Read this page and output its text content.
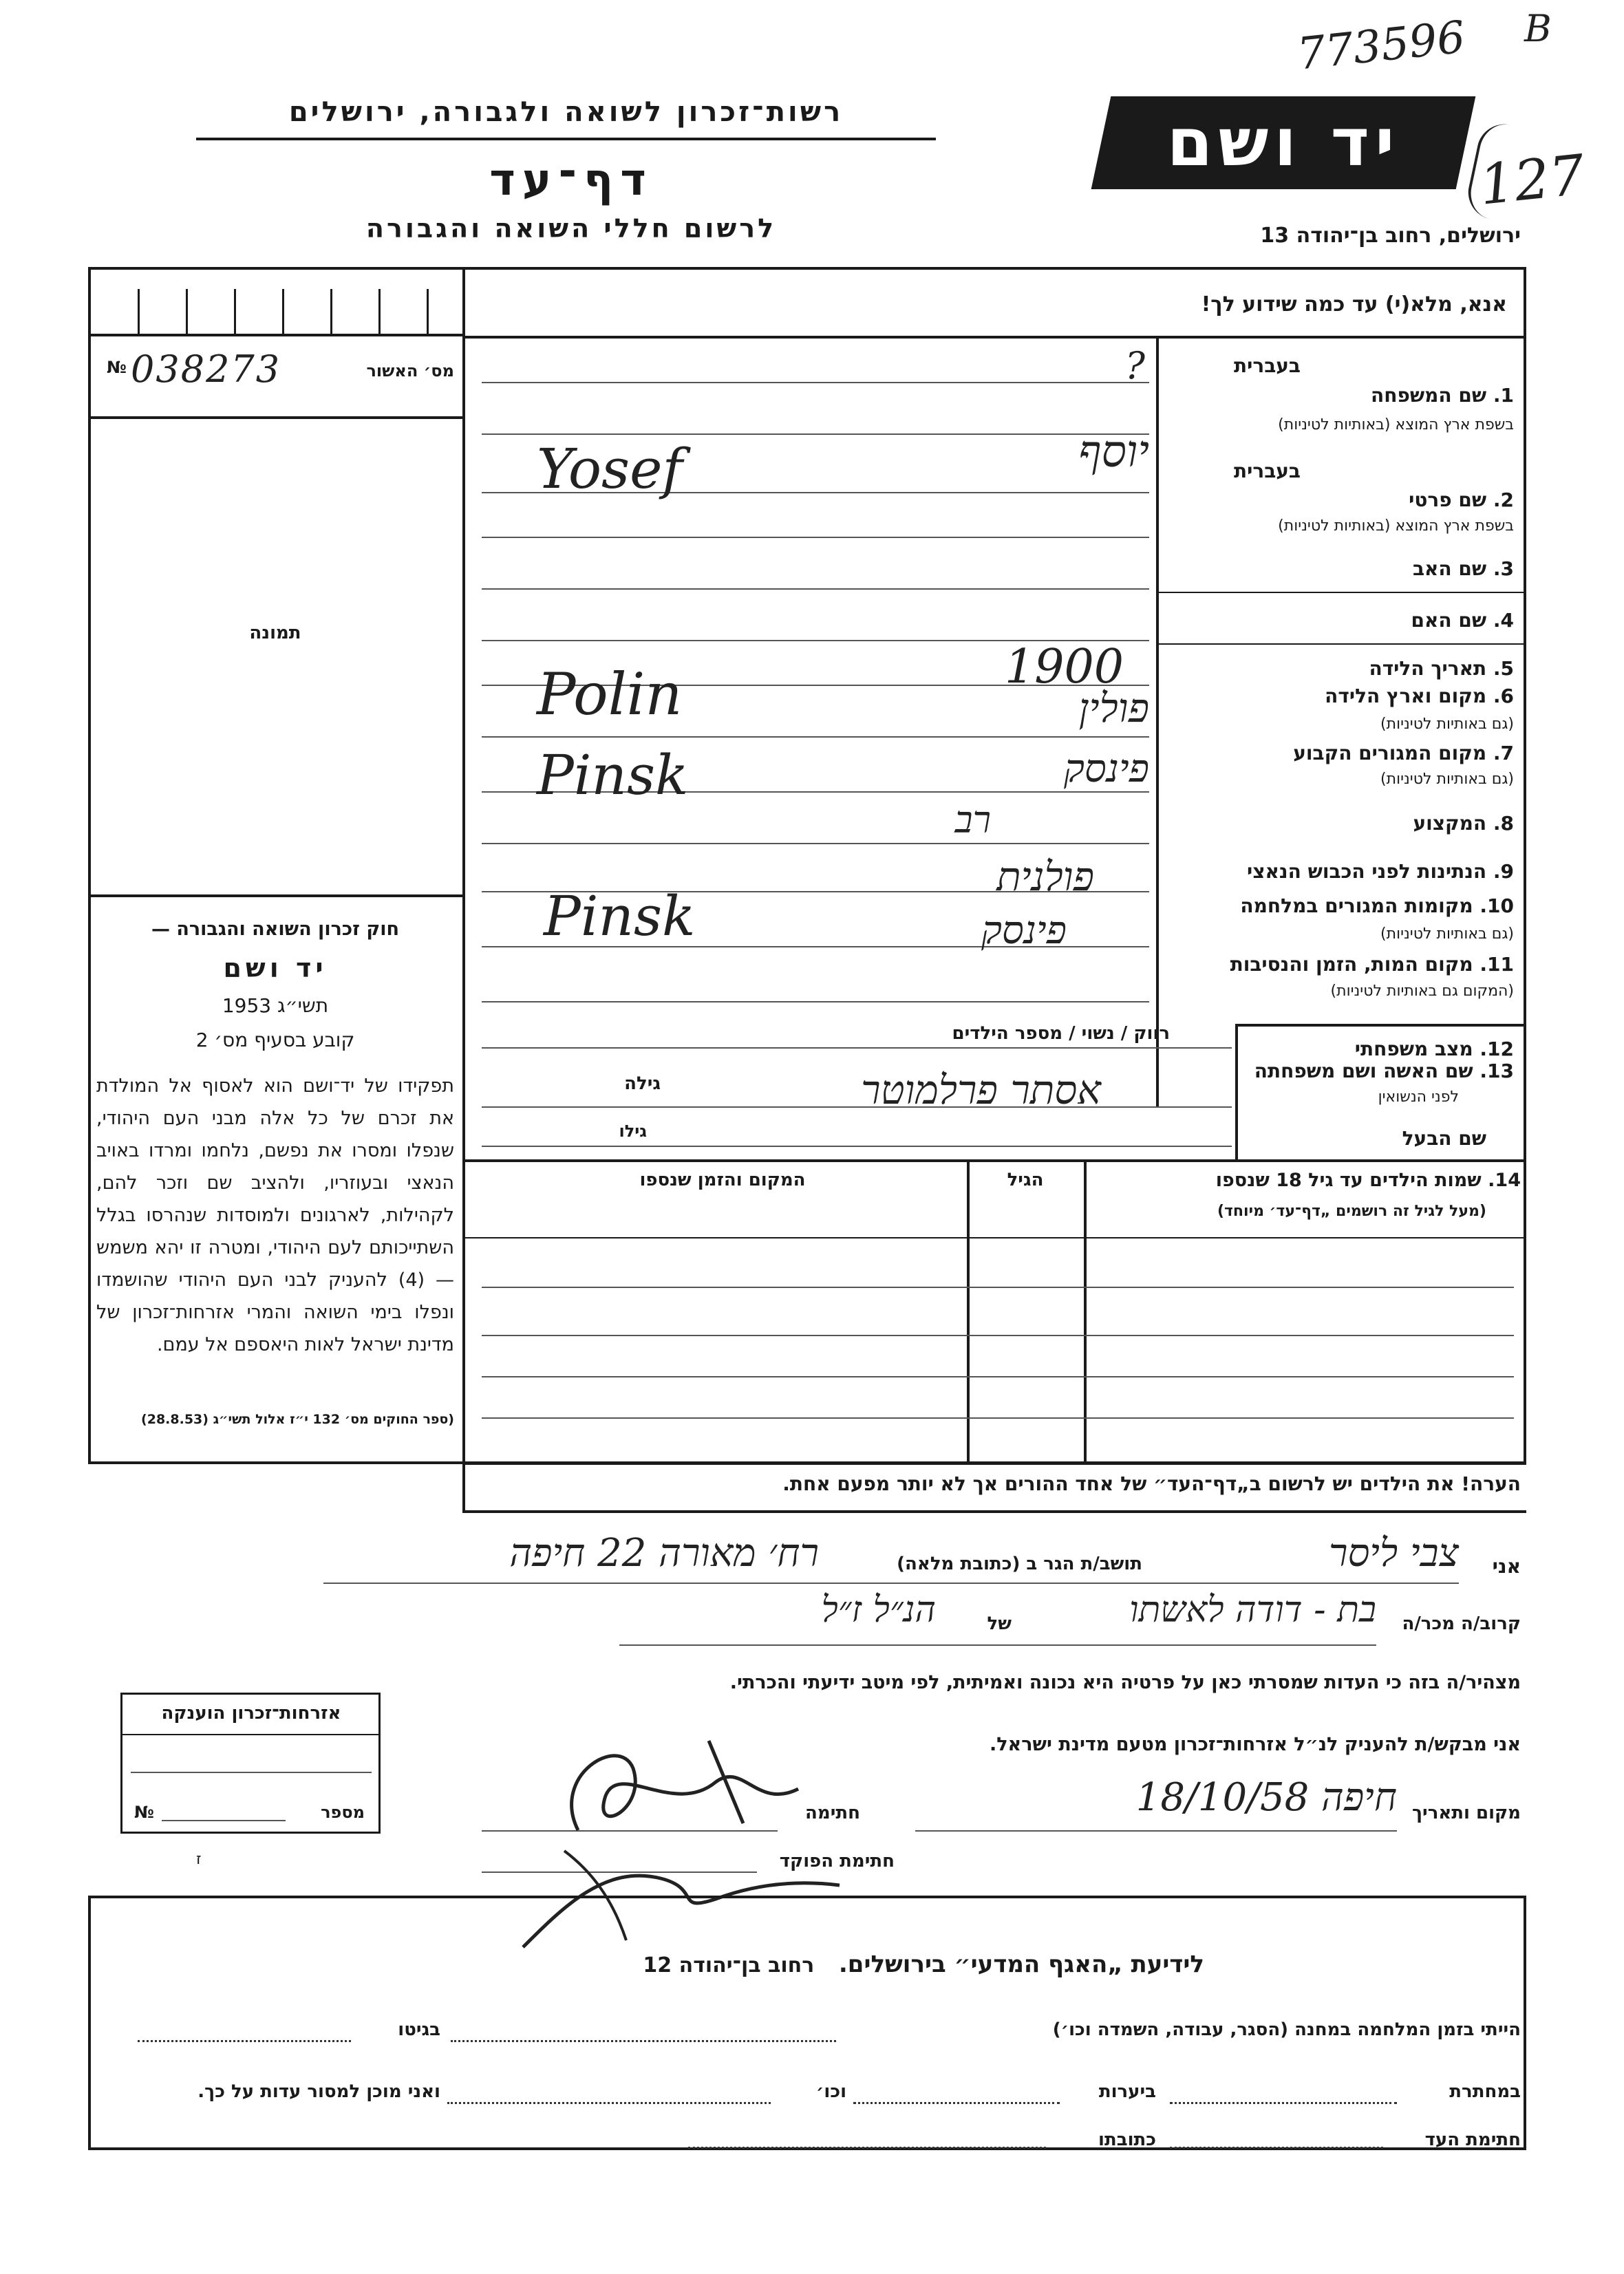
773596 B
127
רשות־זכרון לשואה ולגבורה, ירושלים
דף־עד
לרשום חללי השואה והגבורה
יד ושם
ירושלים, רחוב בן־יהודה 13
מס׳ האשור
038273
№
תמונה
חוק זכרון השואה והגבורה —
יד ושם
תשי״ג 1953
קובע בסעיף מס׳ 2
תפקידו של יד־ושם הוא לאסוף אל המולדת את זכרם של כל אלה מבני העם היהודי, שנפלו ומסרו את נפשם, נלחמו ומרדו באויב הנאצי ובעוזריו, ולהציב שם וזכר להם, לקהילות, לארגונים ולמוסדות שנהרסו בגלל השתייכותם לעם היהודי, ומטרה זו יהא משמש — (4) להעניק לבני העם היהודי שהושמדו ונפלו בימי השואה והמרי אזרחות־זכרון של מדינת ישראל לאות היאספם אל עמם.
(ספר החוקים מס׳ 132 י״ז אלול תשי״ג (28.8.53)
אנא, מלא(י) עד כמה שידוע לך!
בעברית
1. שם המשפחה
בשפת ארץ המוצא (באותיות לטיניות)
?
בעברית
2. שם פרטי
בשפת ארץ המוצא (באותיות לטיניות)
יוסף
Yosef
3. שם האב
4. שם האם
5. תאריך הלידה
1900
6. מקום וארץ הלידה
(גם באותיות לטיניות)
פולין
Polin
7. מקום המגורים הקבוע
(גם באותיות לטיניות)
פינסק
Pinsk
8. המקצוע
רב
9. הנתינות לפני הכבוש הנאצי
פולנית
10. מקומות המגורים במלחמה
(גם באותיות לטיניות)
פינסק
Pinsk
11. מקום המות, הזמן והנסיבות
(המקום גם באותיות לטיניות)
12. מצב משפחתי
רווק / נשוי / מספר הילדים
13. שם האשה ושם משפחתה
לפני הנשואין
גילה	אסתר פרלמוטר
שם הבעל
גילו
14. שמות הילדים עד גיל 18 שנספו
(מעל לגיל זה רושמים „דף־עד׳ מיוחד)
הגיל
המקום והזמן שנספו
הערה! את הילדים יש לרשום ב„דף־העד״ של אחד ההורים אך לא יותר מפעם אחת.
אני
צבי ליסר
תושב/ת הגר ב (כתובת מלאה)
רח׳ מאורה 22 חיפה
קרוב/ה מכר/ה
בת - דודה לאשתו
של
הנ״ל ז״ל
מצהיר/ה בזה כי העדות שמסרתי כאן על פרטיה היא נכונה ואמיתית, לפי מיטב ידיעתי והכרתי.
אני מבקש/ת להעניק לנ״ל אזרחות־זכרון מטעם מדינת ישראל.
מקום ותאריך
חיפה 18/10/58
חתימה
חתימת הפוקד
אזרחות־זכרון הוענקה
מספר
№
ז
לידיעת „האגף המדעי״ בירושלים.   רחוב בן־יהודה 12
הייתי בזמן המלחמה במחנה (הסגר, עבודה, השמדה וכו׳)
בגיטו
במחתרת
ביערות
וכו׳
ואני מוכן למסור עדות על כך.
חתימת העד
כתובתו
